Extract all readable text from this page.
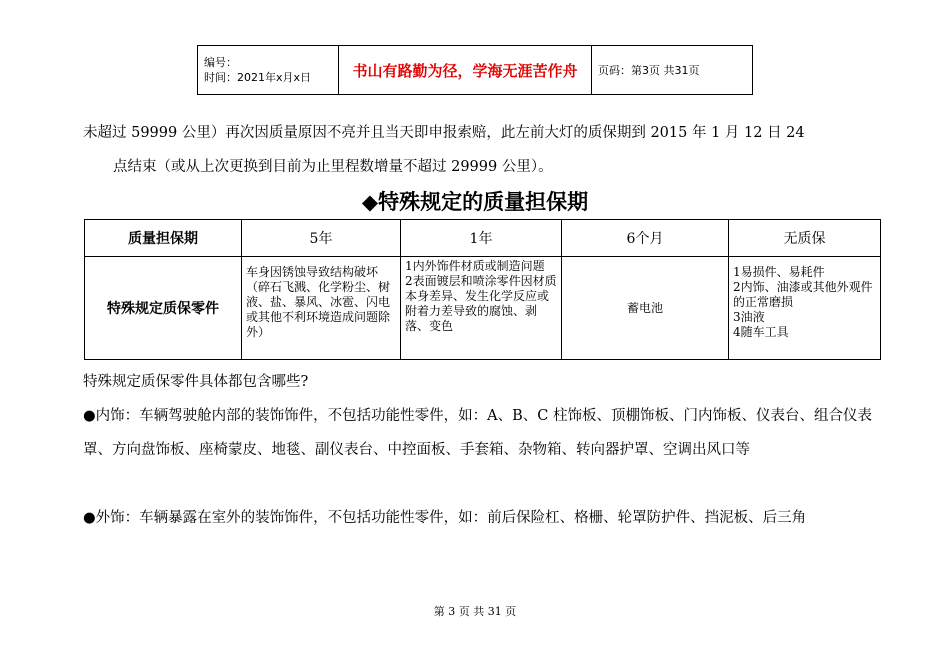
编号：
时间：2021年x月x日	书山有路勤为径，学海无涯苦作舟	页码：第3页 共31页
未超过 59999 公里）再次因质量原因不亮并且当天即申报索赔，此左前大灯的质保期到 2015 年 1 月 12 日 24
点结束（或从上次更换到目前为止里程数增量不超过 29999 公里）。
◆特殊规定的质量担保期
质量担保期	5年	1年	6个月	无质保
特殊规定质保零件	车身因锈蚀导致结构破坏（碎石飞溅、化学粉尘、树液、盐、暴风、冰雹、闪电或其他不利环境造成问题除外）	1内外饰件材质或制造问题
2表面镀层和喷涂零件因材质本身差异、发生化学反应或附着力差导致的腐蚀、剥落、变色	蓄电池	1易损件、易耗件
2内饰、油漆或其他外观件的正常磨损
3油液
4随车工具
特殊规定质保零件具体都包含哪些?
●内饰：车辆驾驶舱内部的装饰饰件，不包括功能性零件，如：A、B、C 柱饰板、顶棚饰板、门内饰板、仪表台、组合仪表罩、方向盘饰板、座椅蒙皮、地毯、副仪表台、中控面板、手套箱、杂物箱、转向器护罩、空调出风口等
●外饰：车辆暴露在室外的装饰饰件，不包括功能性零件，如：前后保险杠、格栅、轮罩防护件、挡泥板、后三角
第 3 页 共 31 页
